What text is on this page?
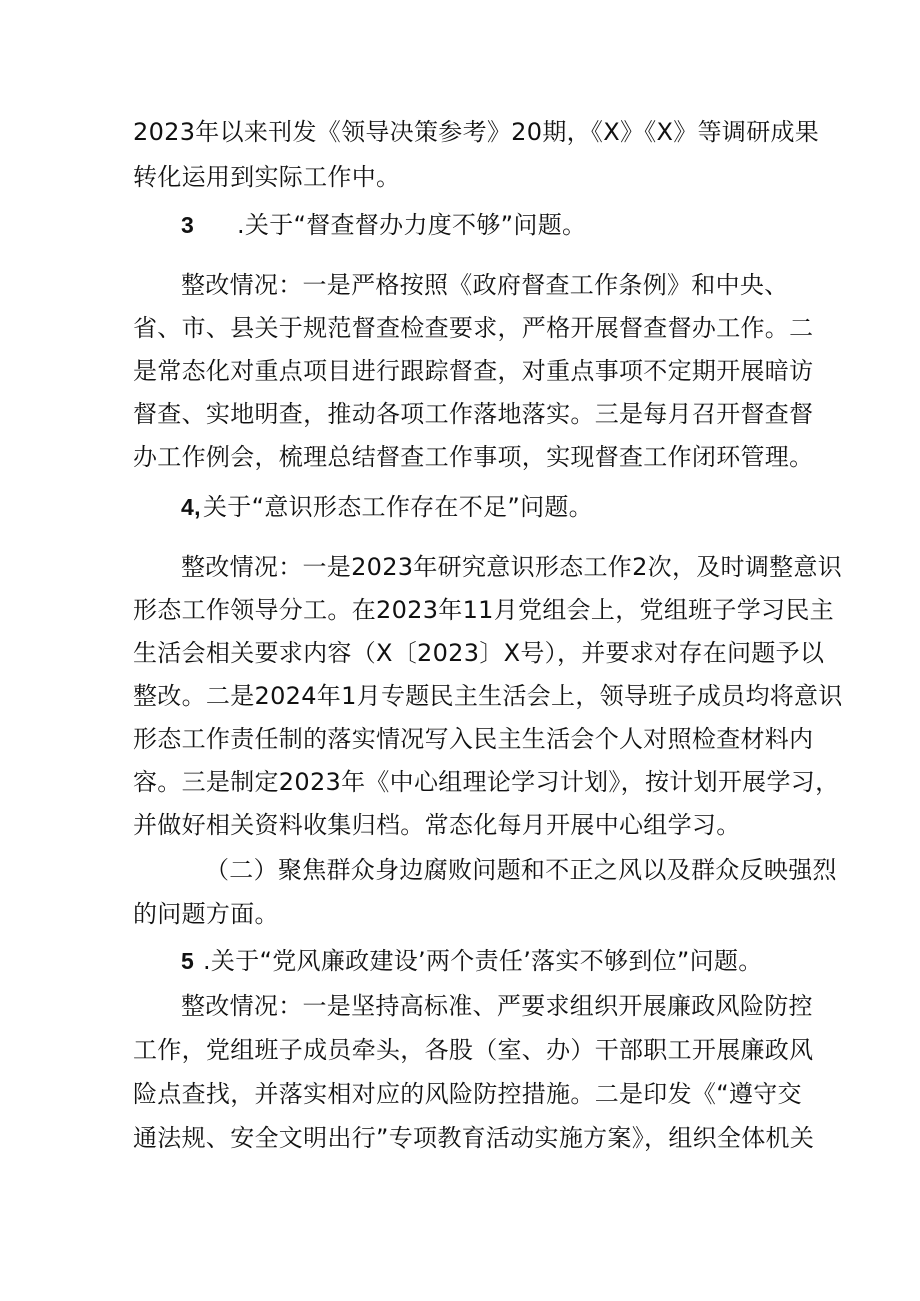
2023年以来刊发《领导决策参考》20期，《X》《X》等调研成果
转化运用到实际工作中。
3 .关于“督查督办力度不够”问题。
整改情况：一是严格按照《政府督查工作条例》和中央、
省、市、县关于规范督查检查要求，严格开展督查督办工作。二
是常态化对重点项目进行跟踪督查，对重点事项不定期开展暗访
督查、实地明查，推动各项工作落地落实。三是每月召开督查督
办工作例会，梳理总结督查工作事项，实现督查工作闭环管理。
4,关于“意识形态工作存在不足”问题。
整改情况：一是2023年研究意识形态工作2次，及时调整意识
形态工作领导分工。在2023年11月党组会上，党组班子学习民主
生活会相关要求内容（X〔2023〕X号），并要求对存在问题予以
整改。二是2024年1月专题民主生活会上，领导班子成员均将意识
形态工作责任制的落实情况写入民主生活会个人对照检查材料内
容。三是制定2023年《中心组理论学习计划》，按计划开展学习，
并做好相关资料收集归档。常态化每月开展中心组学习。
（二）聚焦群众身边腐败问题和不正之风以及群众反映强烈
的问题方面。
5 .关于“党风廉政建设’两个责任’落实不够到位”问题。
整改情况：一是坚持高标准、严要求组织开展廉政风险防控
工作，党组班子成员牵头，各股（室、办）干部职工开展廉政风
险点查找，并落实相对应的风险防控措施。二是印发《“遵守交
通法规、安全文明出行”专项教育活动实施方案》，组织全体机关
